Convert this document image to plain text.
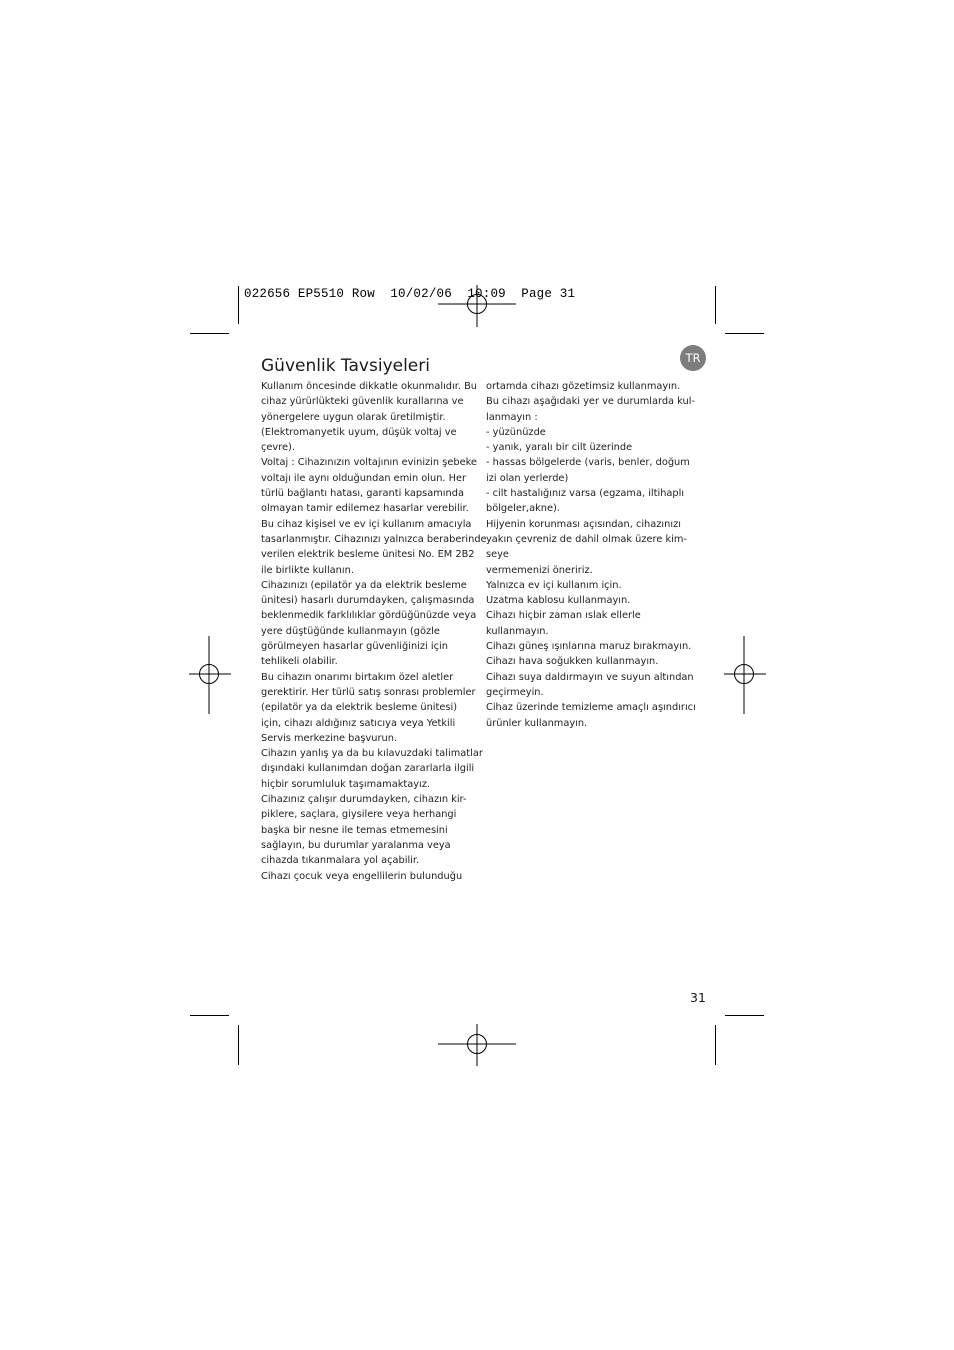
022656 EP5510 Row  10/02/06  10:09  Page 31
Güvenlik Tavsiyeleri	TR
Kullanım öncesinde dikkatle okunmalıdır. Bu
cihaz yürürlükteki güvenlik kurallarına ve
yönergelere uygun olarak üretilmiştir.
(Elektromanyetik uyum, düşük voltaj ve
çevre).
Voltaj : Cihazınızın voltajının evinizin şebeke
voltajı ile aynı olduğundan emin olun. Her
türlü bağlantı hatası, garanti kapsamında
olmayan tamir edilemez hasarlar verebilir.
Bu cihaz kişisel ve ev içi kullanım amacıyla
tasarlanmıştır. Cihazınızı yalnızca beraberinde
verilen elektrik besleme ünitesi No. EM 2B2
ile birlikte kullanın.
Cihazınızı (epilatör ya da elektrik besleme
ünitesi) hasarlı durumdayken, çalışmasında
beklenmedik farklılıklar gördüğünüzde veya
yere düştüğünde kullanmayın (gözle
görülmeyen hasarlar güvenliğinizi için
tehlikeli olabilir.
Bu cihazın onarımı birtakım özel aletler
gerektirir. Her türlü satış sonrası problemler
(epilatör ya da elektrik besleme ünitesi)
için, cihazı aldığınız satıcıya veya Yetkili
Servis merkezine başvurun.
Cihazın yanlış ya da bu kılavuzdaki talimatlar
dışındaki kullanımdan doğan zararlarla ilgili
hiçbir sorumluluk taşımamaktayız.
Cihazınız çalışır durumdayken, cihazın kir-
piklere, saçlara, giysilere veya herhangi
başka bir nesne ile temas etmemesini
sağlayın, bu durumlar yaralanma veya
cihazda tıkanmalara yol açabilir.
Cihazı çocuk veya engellilerin bulunduğu
ortamda cihazı gözetimsiz kullanmayın.
Bu cihazı aşağıdaki yer ve durumlarda kul-
lanmayın :
- yüzünüzde
- yanık, yaralı bir cilt üzerinde
- hassas bölgelerde (varis, benler, doğum
izi olan yerlerde)
- cilt hastalığınız varsa (egzama, iltihaplı
bölgeler,akne).
Hijyenin korunması açısından, cihazınızı
yakın çevreniz de dahil olmak üzere kim-
seye
vermemenizi öneririz.
Yalnızca ev içi kullanım için.
Uzatma kablosu kullanmayın.
Cihazı hiçbir zaman ıslak ellerle
kullanmayın.
Cihazı güneş ışınlarına maruz bırakmayın.
Cihazı hava soğukken kullanmayın.
Cihazı suya daldırmayın ve suyun altından
geçirmeyin.
Cihaz üzerinde temizleme amaçlı aşındırıcı
ürünler kullanmayın.
31
